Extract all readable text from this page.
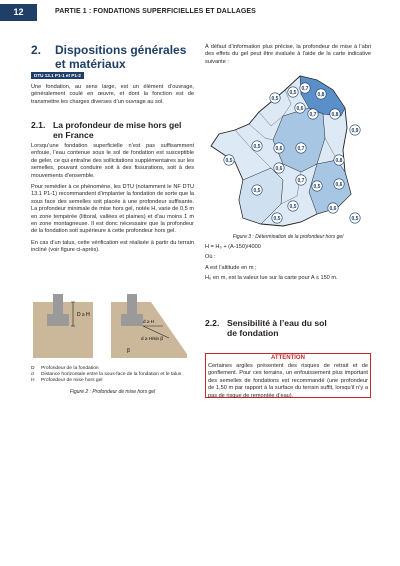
12	PARTIE 1 : FONDATIONS SUPERFICIELLES ET DALLAGES
2. Dispositions générales
et matériaux
DTU 13.1 P1-1 et P1-2

Une fondation, au sens large, est un élément d’ouvrage, généralement coulé en œuvre, et dont la fonction est de transmettre les charges diverses d’un ouvrage au sol.

2.1. La profondeur de mise hors gel
en France

Lorsqu’une fondation superficielle n’est pas suffisamment enfouie, l’eau contenue sous le sol de fondation est susceptible de geler, ce qui entraîne des sollicitations supplémentaires sur les semelles, pouvant conduire soit à des fissurations, soit à des mouvements d’ensemble.

Pour remédier à ce phénomène, les DTU (notamment le NF DTU 13.1 P1-1) recommandent d’implanter la fondation de sorte que la sous face des semelles soit placée à une profondeur suffisante. La profondeur minimale de mise hors gel, notée H, varie de 0,5 m en zone tempérée (littoral, vallées et plaines) et d’au moins 1 m en zone montagneuse. Il est donc nécessaire que la profondeur de la fondation soit supérieure à cette profondeur hors gel.

En cas d’un talus, cette vérification est réalisée à partir du terrain incliné (voir figure ci-après).

D ≥ H
d ≥ H
d ≥ H/sin β
β
D Profondeur de la fondation
d Distance horizontale entre la sous-face de la fondation et le talus
H Profondeur de mise hors gel
Figure 2 : Profondeur de mise hors gel

À défaut d’information plus précise, la profondeur de mise à l’abri des effets du gel peut être évaluée à l’aide de la carte indicative suivante :

0,5
0,5
0,7
0,8
0,7
0,6
0,8
0,9
0,5	0,6	0,7
0,5
0,6
0,8
0,6
0,5
0,5
0,5
0,5
0,6
0,7
0,5
Figure 3 : Détermination de la profondeur hors gel

H = H₀ + (A-150)/4000

Où :

A est l’altitude en m ;

H₀ en m, est la valeur lue sur la carte pour A ≤ 150 m.

2.2. Sensibilité à l’eau du sol
de fondation
ATTENTION
Certaines argiles présentent des risques de retrait et de gonflement. Pour ces terrains, un enfouissement plus important des semelles de fondations est recommandé (une profondeur de 1,50 m par rapport à la surface du terrain suffit, lorsqu’il n’y a pas de risque de remontée d’eau).
